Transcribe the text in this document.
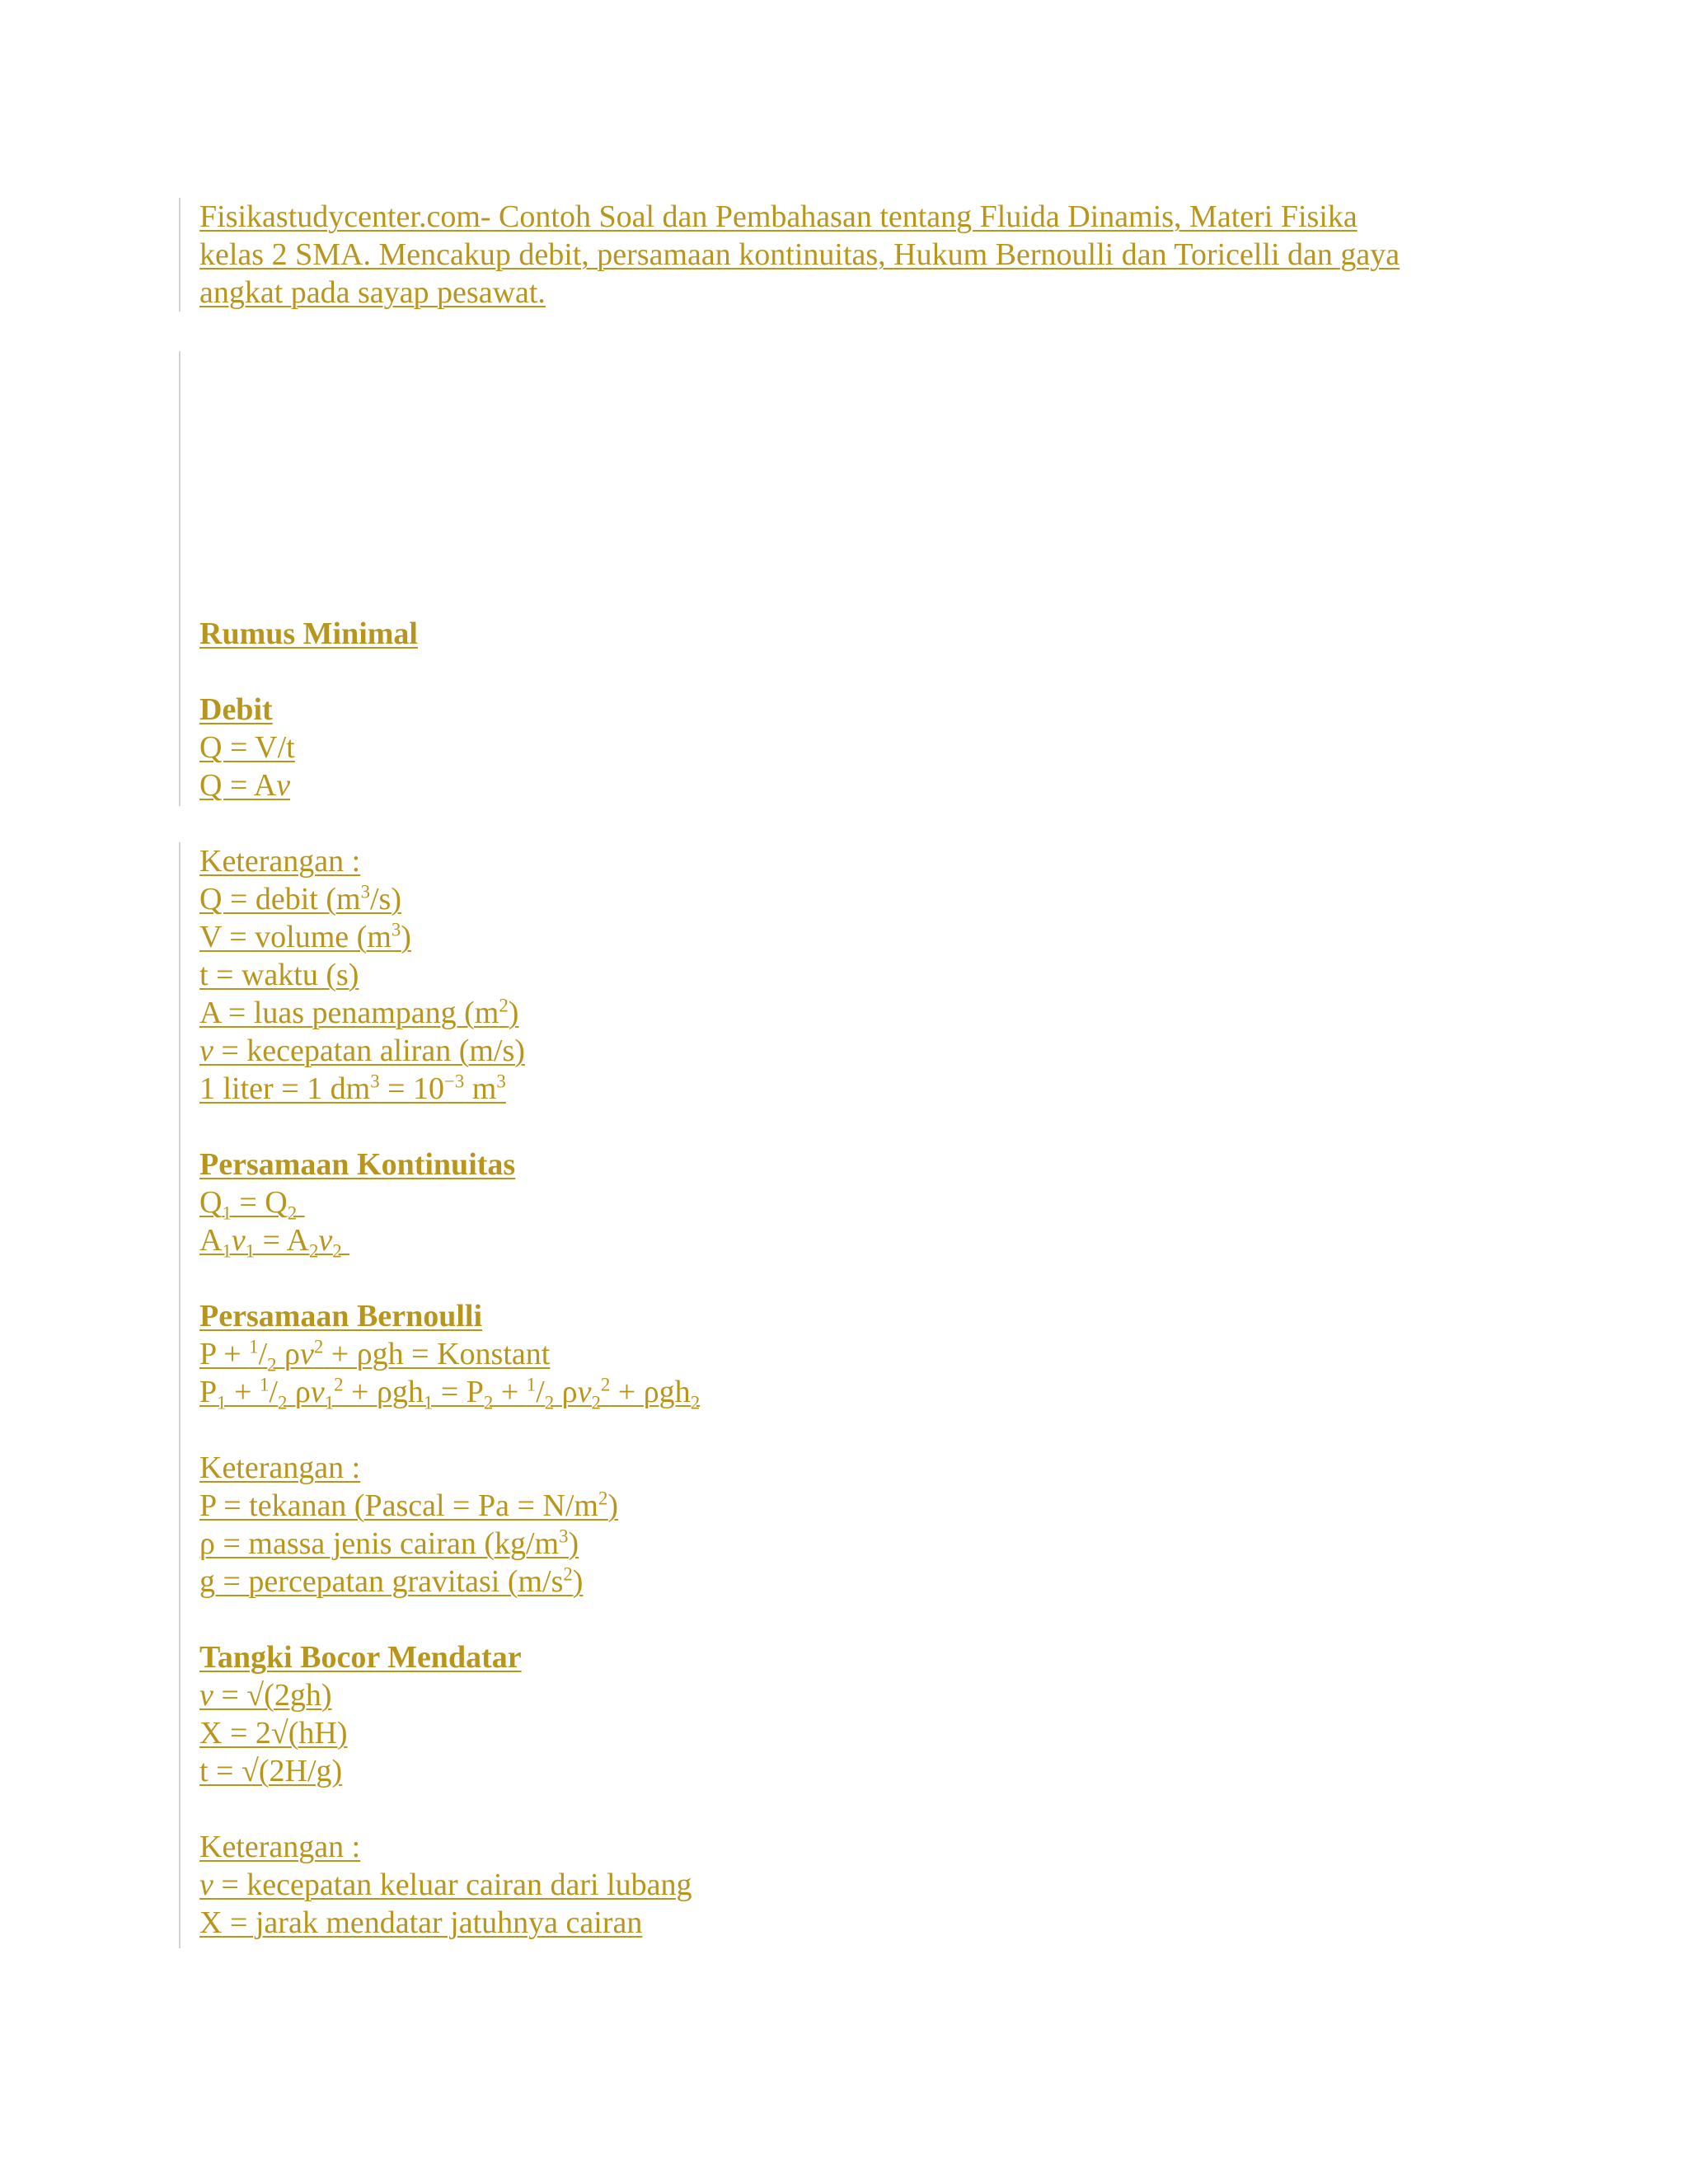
Fisikastudycenter.com- Contoh Soal dan Pembahasan tentang Fluida Dinamis, Materi Fisika
kelas 2 SMA. Mencakup debit, persamaan kontinuitas, Hukum Bernoulli dan Toricelli dan gaya
angkat pada sayap pesawat.
Rumus Minimal
Debit
Q = V/t
Q = Av
Keterangan :
Q = debit $(m^3/s)$
V = volume $(m^3)$
t = waktu (s)
A = luas penampang $(m^2)$
v = kecepatan aliran (m/s)
1 liter = 1 $dm^3 = 10^{-3}$ $m^3$
Persamaan Kontinuitas
$Q_1 = Q_2$
$A_1v_1 = A_2v_2$
Persamaan Bernoulli
$P + ^1/_2$ $\rho v^2 + \rho gh$ = Konstant
$P_1 + ^1/_2$ $\rho v_1^2 + \rho gh_1 = P_2 + ^1/_2$ $\rho v_2^2 + \rho gh_2$
Keterangan :
P = tekanan (Pascal = $Pa = N/m^2$)
ρ = massa jenis cairan $(kg/m^3)$
g = percepatan gravitasi $(m/s^2)$
Tangki Bocor Mendatar
v = √(2gh)
X = 2√(hH)
t = √(2H/g)
Keterangan :
v = kecepatan keluar cairan dari lubang
X = jarak mendatar jatuhnya cairan
